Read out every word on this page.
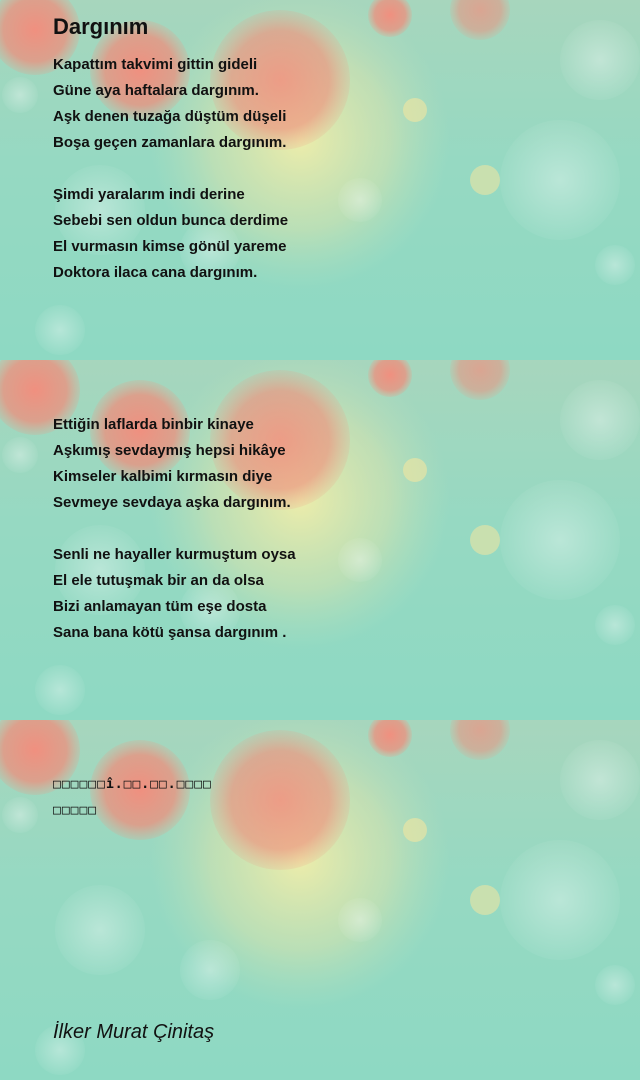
Dargınım
Kapattım takvimi gittin gideli
Güne aya haftalara dargınım.
Aşk denen tuzağa düştüm düşeli
Boşa geçen zamanlara dargınım.
Şimdi yaralarım indi derine
Sebebi sen oldun bunca derdime
El vurmasın kimse gönül yareme
Doktora ilaca cana dargınım.
Ettiğin laflarda binbir kinaye
Aşkımış sevdaymış hepsi hikâye
Kimseler kalbimi kırmasın diye
Sevmeye sevdaya aşka dargınım.
Senli ne hayaller kurmuştum oysa
El ele tutuşmak bir an da olsa
Bizi anlamayan tüm eşe dosta
Sana bana kötü şansa dargınım .
□□□□□□î.□□.□□.□□□□
□□□□□

İlker Murat Çinitaş
